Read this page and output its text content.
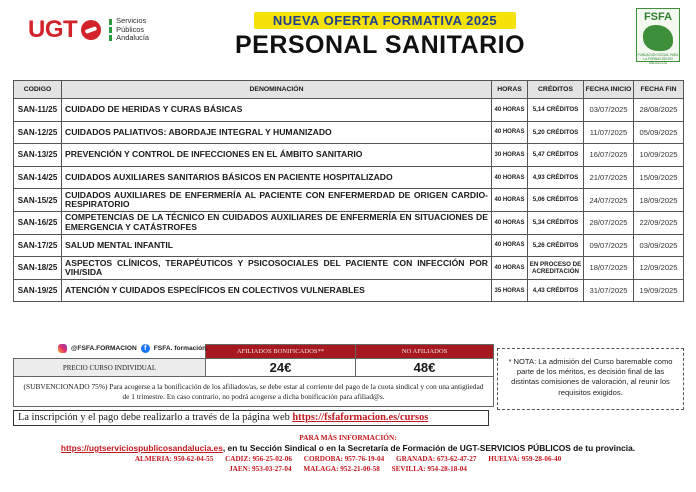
UGT	Servicios
Públicos
Andalucía
NUEVA OFERTA FORMATIVA 2025
PERSONAL SANITARIO
FSFA
FUNDACIÓN SOCIAL PARA LA FORMACIÓN EN ANDALUCÍA
CODIGO	DENOMINACIÓN	HORAS	CRÉDITOS	FECHA INICIO	FECHA FIN
SAN-11/25	CUIDADO DE HERIDAS Y CURAS BÁSICAS	40 HORAS	5,14 CRÉDITOS	03/07/2025	28/08/2025
SAN-12/25	CUIDADOS PALIATIVOS: ABORDAJE INTEGRAL Y HUMANIZADO	40 HORAS	5,20 CRÉDITOS	11/07/2025	05/09/2025
SAN-13/25	PREVENCIÓN Y CONTROL DE INFECCIONES EN EL ÁMBITO SANITARIO	30 HORAS	5,47 CRÉDITOS	16/07/2025	10/09/2025
SAN-14/25	CUIDADOS AUXILIARES SANITARIOS BÁSICOS EN PACIENTE HOSPITALIZADO	40 HORAS	4,93 CRÉDITOS	21/07/2025	15/09/2025
SAN-15/25	CUIDADOS AUXILIARES DE ENFERMERÍA AL PACIENTE CON ENFERMERDAD DE ORIGEN CARDIO-RESPIRATORIO	40 HORAS	5,06 CRÉDITOS	24/07/2025	18/09/2025
SAN-16/25	COMPETENCIAS DE LA TÉCNICO EN CUIDADOS AUXILIARES DE ENFERMERÍA EN SITUACIONES DE EMERGENCIA Y CATÁSTROFES	40 HORAS	5,34 CRÉDITOS	28/07/2025	22/09/2025
SAN-17/25	SALUD MENTAL INFANTIL	40 HORAS	5,26 CRÉDITOS	09/07/2025	03/09/2025
SAN-18/25	ASPECTOS CLÍNICOS, TERAPÉUTICOS Y PSICOSOCIALES DEL PACIENTE CON INFECCIÓN POR VIH/SIDA	40 HORAS	EN PROCESO DE ACREDITACIÓN	18/07/2025	12/09/2025
SAN-19/25	ATENCIÓN Y CUIDADOS ESPECÍFICOS EN COLECTIVOS VULNERABLES	35 HORAS	4,43 CRÉDITOS	31/07/2025	19/09/2025
	AFILIADOS BONIFICADOS**	NO AFILIADOS
PRECIO CURSO INDIVIDUAL	24€	48€
(SUBVENCIONADO 75%) Para acogerse a la bonificación de los afiliados/as, se debe estar al corriente del pago de la cuota sindical y con una antigüedad de 1 trimestre. En caso contrario, no podrá acogerse a dicha bonificación para afiliad@s.		
@FSFA.FORMACION	f	FSFA. formación.
* NOTA: La admisión del Curso baremable como parte de los méritos, es decisión final de las distintas comisiones de valoración, al reunir los requisitos exigidos.
La inscripción y el pago debe realizarlo a través de la página web https://fsfaformacion.es/cursos
PARA MÁS INFORMACIÓN:
https://ugtserviciospublicosandalucia.es, en tu Sección Sindical o en la Secretaría de Formación de UGT-SERVICIOS PÚBLICOS de tu provincia.
ALMERIA: 950-62-04-55 CADIZ: 956-25-02-06 CORDOBA: 957-76-19-04 GRANADA: 673-62-47-27 HUELVA: 959-28-06-40
JAEN: 953-03-27-04 MALAGA: 952-21-00-58 SEVILLA: 954-28-18-04
